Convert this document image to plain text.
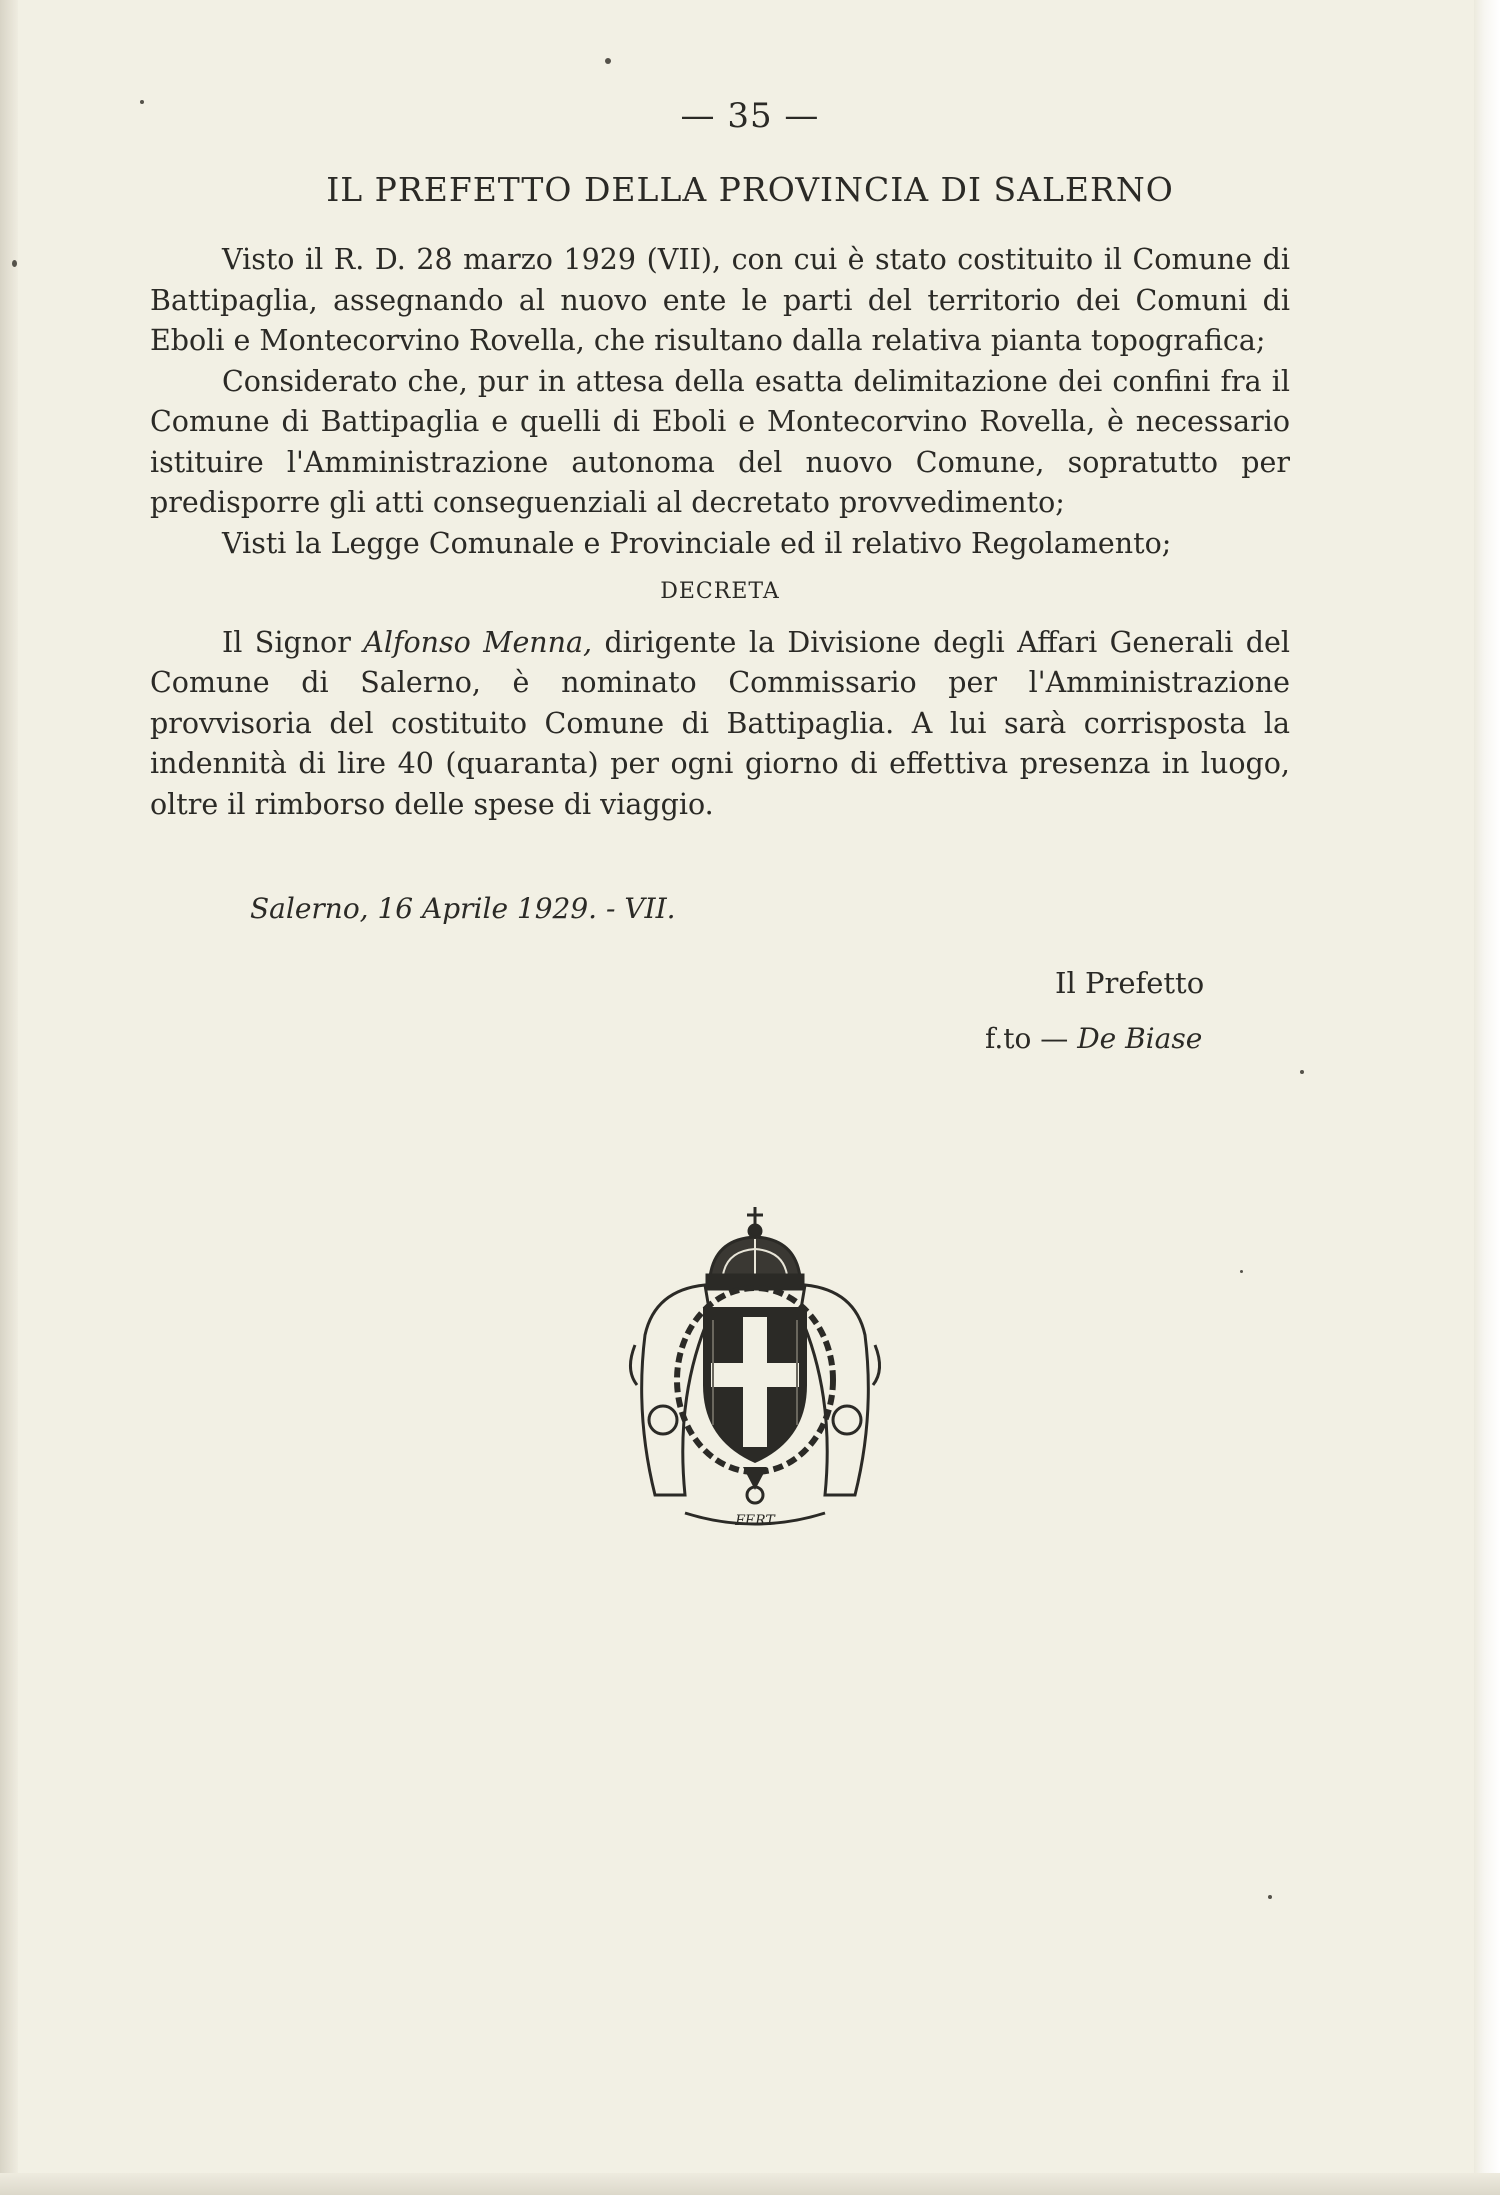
— 35 —
IL PREFETTO DELLA PROVINCIA DI SALERNO

Visto il R. D. 28 marzo 1929 (VII), con cui è stato costituito il Comune di Battipaglia, assegnando al nuovo ente le parti del territorio dei Comuni di Eboli e Montecorvino Rovella, che risultano dalla relativa pianta topografica;

Considerato che, pur in attesa della esatta delimitazione dei confini fra il Comune di Battipaglia e quelli di Eboli e Montecorvino Rovella, è necessario istituire l'Amministrazione autonoma del nuovo Comune, sopratutto per predisporre gli atti conseguenziali al decretato provvedimento;

Visti la Legge Comunale e Provinciale ed il relativo Regolamento;

DECRETA

Il Signor Alfonso Menna, dirigente la Divisione degli Affari Generali del Comune di Salerno, è nominato Commissario per l'Amministrazione provvisoria del costituito Comune di Battipaglia. A lui sarà corrisposta la indennità di lire 40 (quaranta) per ogni giorno di effettiva presenza in luogo, oltre il rimborso delle spese di viaggio.

Salerno, 16 Aprile 1929. - VII.
Il Prefetto
f.to — De Biase
FERT
